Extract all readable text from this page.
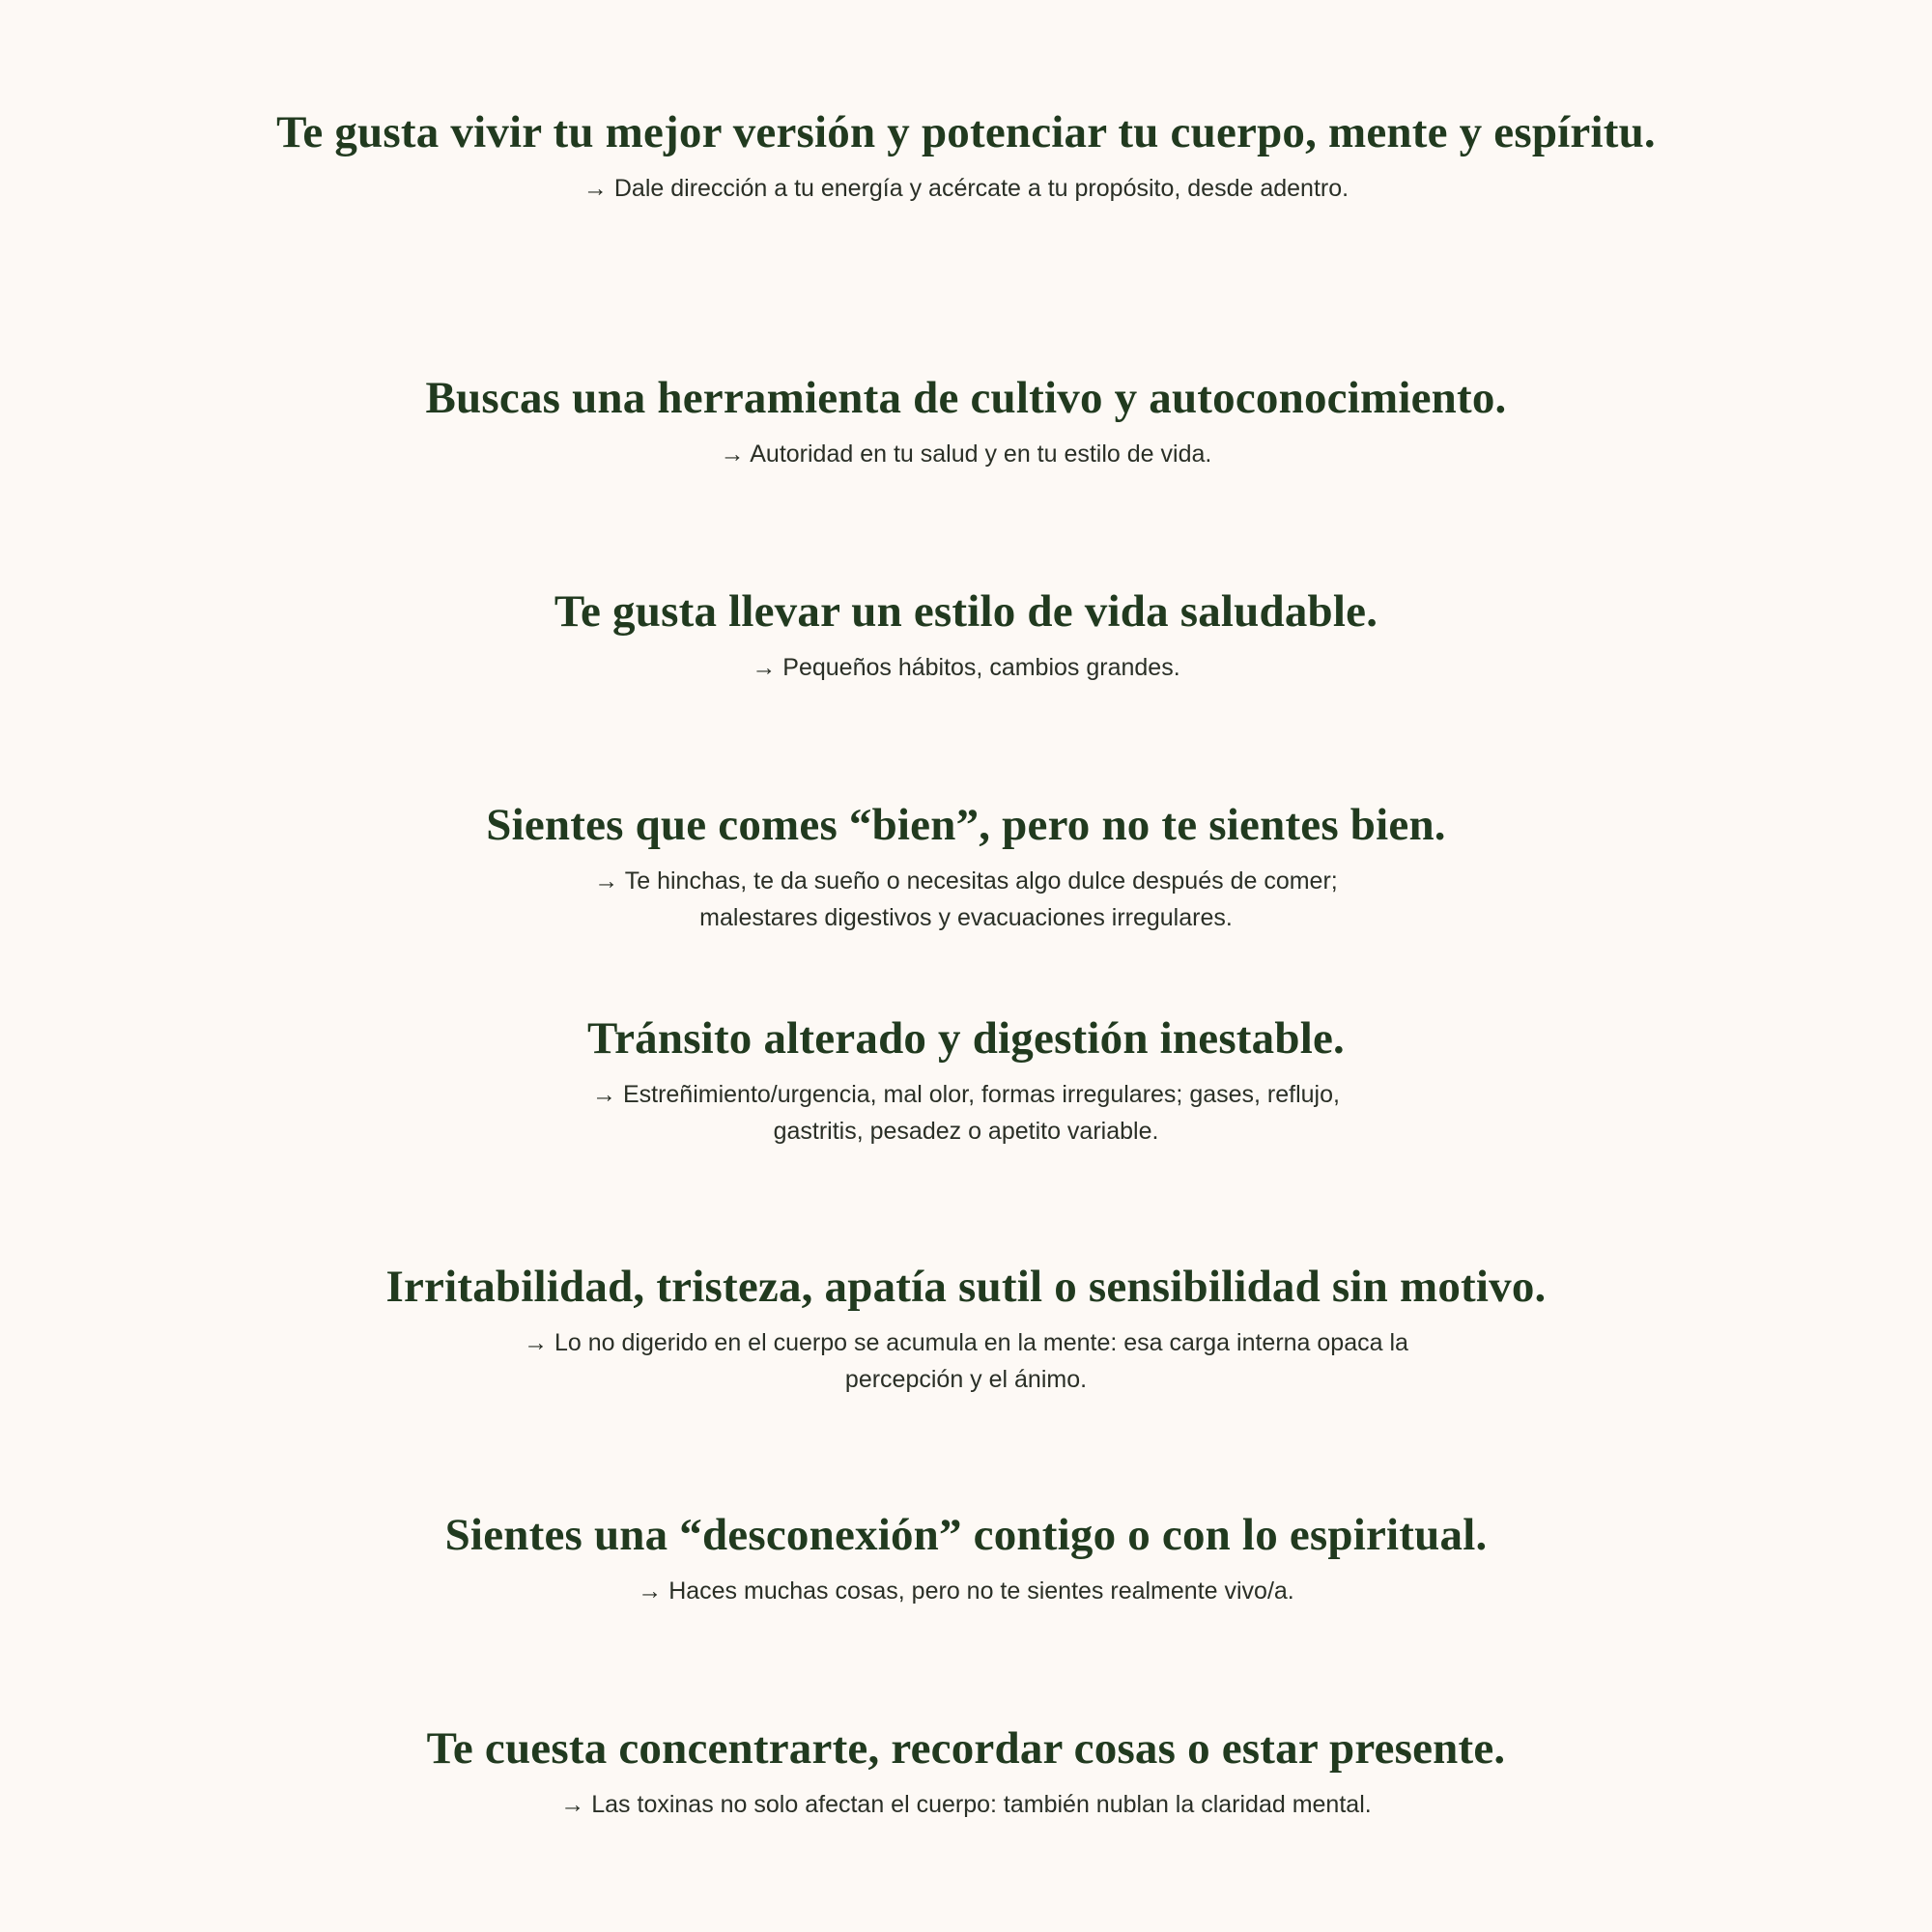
Te gusta vivir tu mejor versión y potenciar tu cuerpo, mente y espíritu.

→ Dale dirección a tu energía y acércate a tu propósito, desde adentro.

Buscas una herramienta de cultivo y autoconocimiento.

→ Autoridad en tu salud y en tu estilo de vida.

Te gusta llevar un estilo de vida saludable.

→ Pequeños hábitos, cambios grandes.

Sientes que comes “bien”, pero no te sientes bien.

→ Te hinchas, te da sueño o necesitas algo dulce después de comer;
malestares digestivos y evacuaciones irregulares.

Tránsito alterado y digestión inestable.

→ Estreñimiento/urgencia, mal olor, formas irregulares; gases, reflujo,
gastritis, pesadez o apetito variable.

Irritabilidad, tristeza, apatía sutil o sensibilidad sin motivo.

→ Lo no digerido en el cuerpo se acumula en la mente: esa carga interna opaca la
percepción y el ánimo.

Sientes una “desconexión” contigo o con lo espiritual.

→ Haces muchas cosas, pero no te sientes realmente vivo/a.

Te cuesta concentrarte, recordar cosas o estar presente.

→ Las toxinas no solo afectan el cuerpo: también nublan la claridad mental.
